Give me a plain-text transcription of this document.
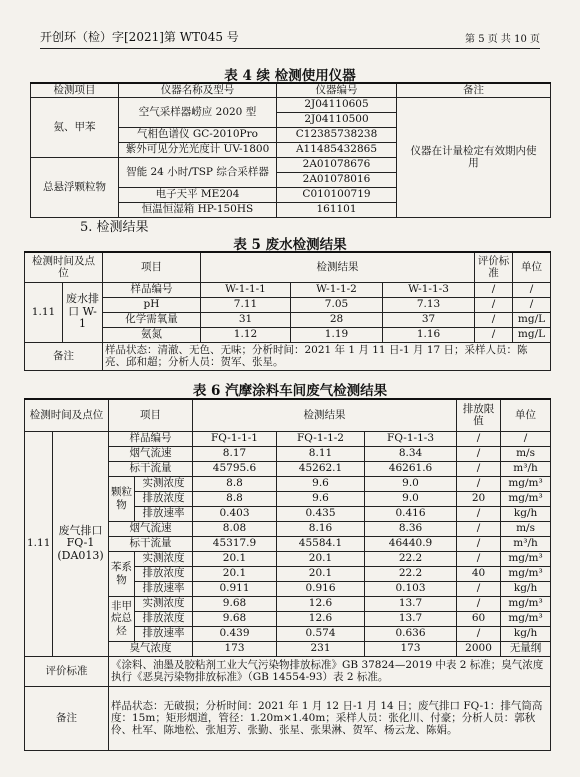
开创环（检）字[2021]第 WT045 号	第 5 页 共 10 页
表 4 续 检测使用仪器
检测项目	仪器名称及型号	仪器编号	备注
氨、甲苯	空气采样器崂应 2020 型	2J04110605	仪器在计量检定有效期内使用
		2J04110500	
	气相色谱仪 GC-2010Pro	C12385738238	
	紫外可见分光光度计 UV-1800	A11485432865	
总悬浮颗粒物	智能 24 小时/TSP 综合采样器	2A01078676	
		2A01078016	
	电子天平 ME204	C010100719	
	恒温恒湿箱 HP-150HS	161101	
5. 检测结果
表 5 废水检测结果
检测时间及点位		项目	检测结果			评价标准	单位
1.11	废水排口 W-1	样品编号	W-1-1-1	W-1-1-2	W-1-1-3	/	/
		pH	7.11	7.05	7.13	/	/
		化学需氧量	31	28	37	/	mg/L
		氨氮	1.12	1.19	1.16	/	mg/L
备注		样品状态：清澈、无色、无味；分析时间：2021 年 1 月 11 日-1 月 17 日；采样人员：陈亮、邱和超；分析人员：贺军、张星。					
表 6 汽摩涂料车间废气检测结果
检测时间及点位		项目		检测结果			排放限值	单位
1.11	废气排口 FQ-1 (DA013)	样品编号		FQ-1-1-1	FQ-1-1-2	FQ-1-1-3	/	/
		烟气流速		8.17	8.11	8.34	/	m/s
		标干流量		45795.6	45262.1	46261.6	/	m³/h
		颗粒物	实测浓度	8.8	9.6	9.0	/	mg/m³
			排放浓度	8.8	9.6	9.0	20	mg/m³
			排放速率	0.403	0.435	0.416	/	kg/h
		烟气流速		8.08	8.16	8.36	/	m/s
		标干流量		45317.9	45584.1	46440.9	/	m³/h
		苯系物	实测浓度	20.1	20.1	22.2	/	mg/m³
			排放浓度	20.1	20.1	22.2	40	mg/m³
			排放速率	0.911	0.916	0.103	/	kg/h
		非甲烷总烃	实测浓度	9.68	12.6	13.7	/	mg/m³
			排放浓度	9.68	12.6	13.7	60	mg/m³
			排放速率	0.439	0.574	0.636	/	kg/h
		臭气浓度		173	231	173	2000	无量纲
评价标准		《涂料、油墨及胶粘剂工业大气污染物排放标准》GB 37824—2019 中表 2 标准；臭气浓度执行《恶臭污染物排放标准》（GB 14554-93）表 2 标准。						
备注		样品状态：无破损；分析时间：2021 年 1 月 12 日-1 月 14 日；废气排口 FQ-1：排气筒高度：15m；矩形烟道，管径：1.20m×1.40m；采样人员：张化川、付豪；分析人员：郭秋伶、杜军、陈地松、张旭芳、张勤、张星、张果淋、贺军、杨云龙、陈娟。						
